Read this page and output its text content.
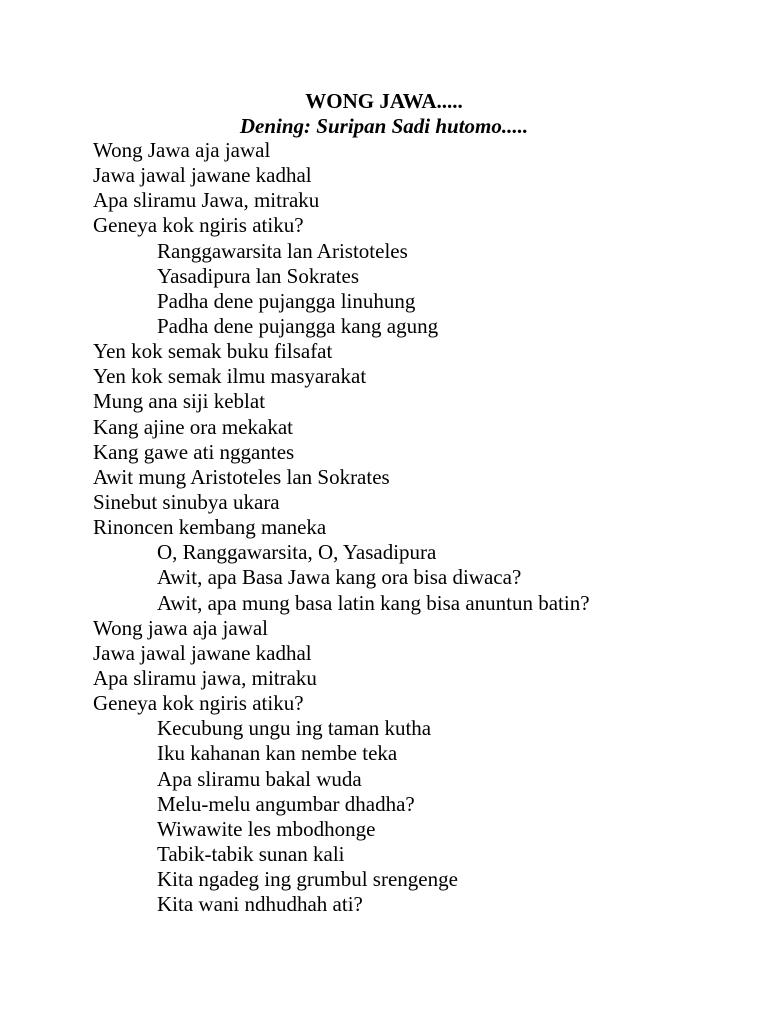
WONG JAWA.....

Dening: Suripan Sadi hutomo.....

Wong Jawa aja jawal
Jawa jawal jawane kadhal
Apa sliramu Jawa, mitraku
Geneya kok ngiris atiku?
Ranggawarsita lan Aristoteles
Yasadipura lan Sokrates
Padha dene pujangga linuhung
Padha dene pujangga kang agung
Yen kok semak buku filsafat
Yen kok semak ilmu masyarakat
Mung ana siji keblat
Kang ajine ora mekakat
Kang gawe ati nggantes
Awit mung Aristoteles lan Sokrates
Sinebut sinubya ukara
Rinoncen kembang maneka
O, Ranggawarsita, O, Yasadipura
Awit, apa Basa Jawa kang ora bisa diwaca?
Awit, apa mung basa latin kang bisa anuntun batin?
Wong jawa aja jawal
Jawa jawal jawane kadhal
Apa sliramu jawa, mitraku
Geneya kok ngiris atiku?
Kecubung ungu ing taman kutha
Iku kahanan kan nembe teka
Apa sliramu bakal wuda
Melu-melu angumbar dhadha?
Wiwawite les mbodhonge
Tabik-tabik sunan kali
Kita ngadeg ing grumbul srengenge
Kita wani ndhudhah ati?
